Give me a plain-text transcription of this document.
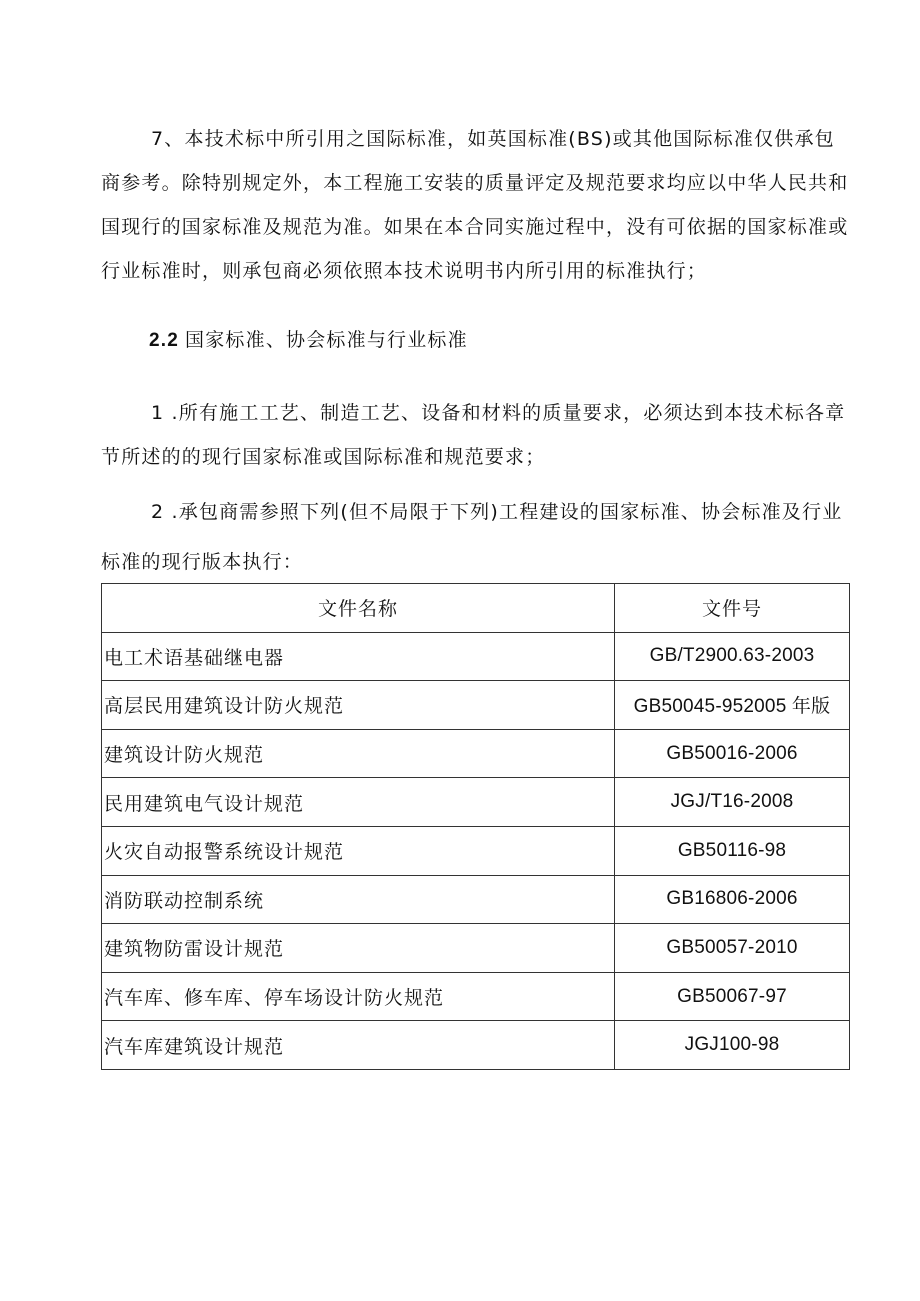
7、本技术标中所引用之国际标准，如英国标准(BS)或其他国际标准仅供承包商参考。除特别规定外，本工程施工安装的质量评定及规范要求均应以中华人民共和国现行的国家标准及规范为准。如果在本合同实施过程中，没有可依据的国家标准或行业标准时，则承包商必须依照本技术说明书内所引用的标准执行；

2.2 国家标准、协会标准与行业标准

1 .所有施工工艺、制造工艺、设备和材料的质量要求，必须达到本技术标各章节所述的的现行国家标准或国际标准和规范要求；

2 .承包商需参照下列(但不局限于下列)工程建设的国家标准、协会标准及行业标准的现行版本执行：

文件名称	文件号
电工术语基础继电器	GB/T2900.63-2003
高层民用建筑设计防火规范	GB50045-952005 年版
建筑设计防火规范	GB50016-2006
民用建筑电气设计规范	JGJ/T16-2008
火灾自动报警系统设计规范	GB50116-98
消防联动控制系统	GB16806-2006
建筑物防雷设计规范	GB50057-2010
汽车库、修车库、停车场设计防火规范	GB50067-97
汽车库建筑设计规范	JGJ100-98
